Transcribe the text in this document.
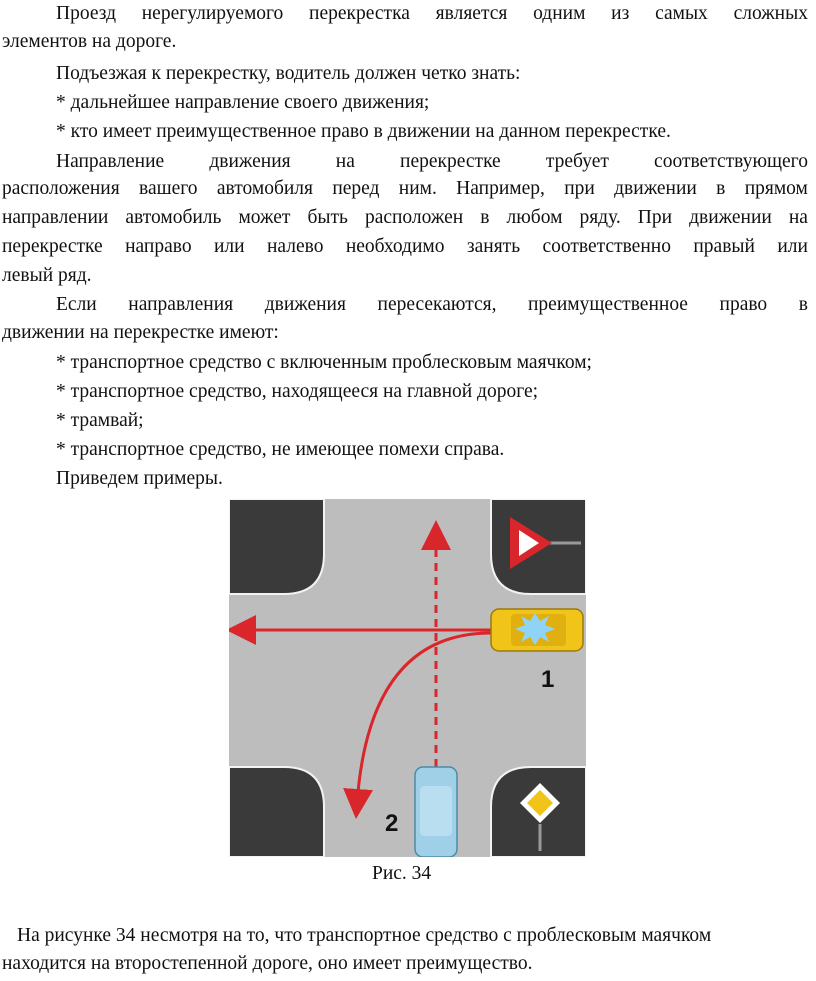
Проезд нерегулируемого перекрестка является одним из самых сложных
элементов на дороге.
Подъезжая к перекрестку, водитель должен четко знать:
* дальнейшее направление своего движения;
* кто имеет преимущественное право в движении на данном перекрестке.
Направление движения на перекрестке требует соответствующего
расположения вашего автомобиля перед ним. Например, при движении в прямом
направлении автомобиль может быть расположен в любом ряду. При движении на
перекрестке направо или налево необходимо занять соответственно правый или
левый ряд.
Если направления движения пересекаются, преимущественное право в
движении на перекрестке имеют:
* транспортное средство с включенным проблесковым маячком;
* транспортное средство, находящееся на главной дороге;
* трамвай;
* транспортное средство, не имеющее помехи справа.
Приведем примеры.
1
2
Рис. 34
На рисунке 34 несмотря на то, что транспортное средство с проблесковым маячком
находится на второстепенной дороге, оно имеет преимущество.
